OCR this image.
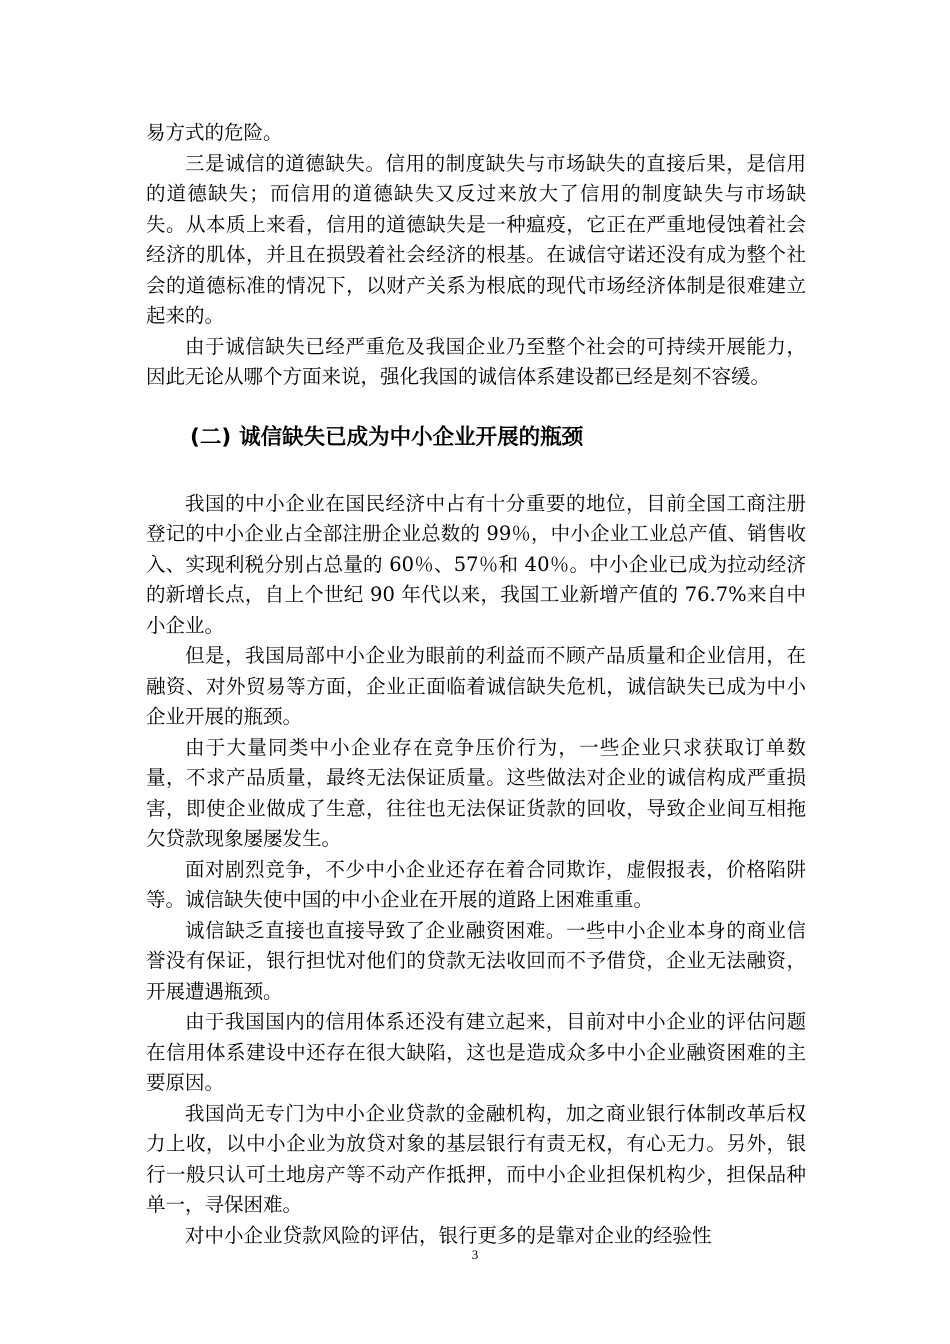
易方式的危险。

三是诚信的道德缺失。信用的制度缺失与市场缺失的直接后果，是信用的道德缺失；而信用的道德缺失又反过来放大了信用的制度缺失与市场缺失。从本质上来看，信用的道德缺失是一种瘟疫，它正在严重地侵蚀着社会经济的肌体，并且在损毁着社会经济的根基。在诚信守诺还没有成为整个社会的道德标准的情况下，以财产关系为根底的现代市场经济体制是很难建立起来的。

由于诚信缺失已经严重危及我国企业乃至整个社会的可持续开展能力，因此无论从哪个方面来说，强化我国的诚信体系建设都已经是刻不容缓。

(二) 诚信缺失已成为中小企业开展的瓶颈

我国的中小企业在国民经济中占有十分重要的地位，目前全国工商注册登记的中小企业占全部注册企业总数的 99％，中小企业工业总产值、销售收入、实现利税分别占总量的 60％、57％和 40％。中小企业已成为拉动经济的新增长点，自上个世纪 90 年代以来，我国工业新增产值的 76.7%来自中小企业。

但是，我国局部中小企业为眼前的利益而不顾产品质量和企业信用，在融资、对外贸易等方面，企业正面临着诚信缺失危机，诚信缺失已成为中小企业开展的瓶颈。

由于大量同类中小企业存在竞争压价行为，一些企业只求获取订单数量，不求产品质量，最终无法保证质量。这些做法对企业的诚信构成严重损害，即使企业做成了生意，往往也无法保证货款的回收，导致企业间互相拖欠贷款现象屡屡发生。

面对剧烈竞争，不少中小企业还存在着合同欺诈，虚假报表，价格陷阱等。诚信缺失使中国的中小企业在开展的道路上困难重重。

诚信缺乏直接也直接导致了企业融资困难。一些中小企业本身的商业信誉没有保证，银行担忧对他们的贷款无法收回而不予借贷，企业无法融资，开展遭遇瓶颈。

由于我国国内的信用体系还没有建立起来，目前对中小企业的评估问题在信用体系建设中还存在很大缺陷，这也是造成众多中小企业融资困难的主要原因。

我国尚无专门为中小企业贷款的金融机构，加之商业银行体制改革后权力上收，以中小企业为放贷对象的基层银行有责无权，有心无力。另外，银行一般只认可土地房产等不动产作抵押，而中小企业担保机构少，担保品种单一，寻保困难。

对中小企业贷款风险的评估，银行更多的是靠对企业的经验性

3
